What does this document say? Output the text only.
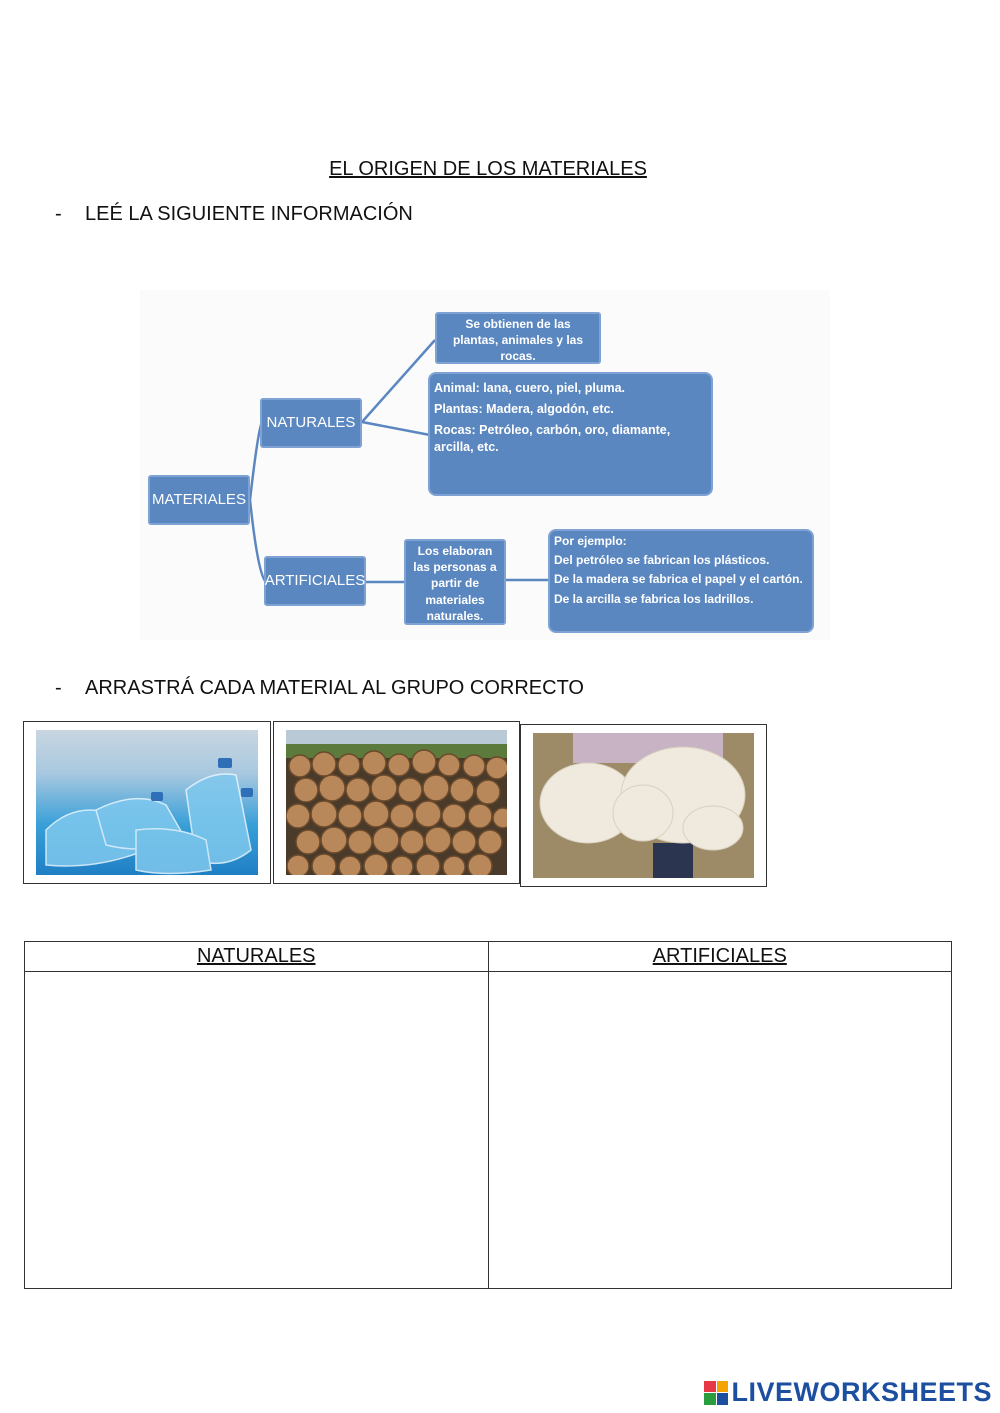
EL ORIGEN DE LOS MATERIALES
- LEÉ LA SIGUIENTE INFORMACIÓN
MATERIALES
NATURALES
ARTIFICIALES
Se obtienen de las plantas, animales y las rocas.
Animal: lana, cuero, piel, pluma.
Plantas: Madera, algodón, etc.
Rocas: Petróleo, carbón, oro, diamante, arcilla, etc.
Los elaboran las personas a partir de materiales naturales.
Por ejemplo:
Del petróleo se fabrican los plásticos.
De la madera se fabrica el papel y el cartón.
De la arcilla se fabrica los ladrillos.
- ARRASTRÁ CADA MATERIAL AL GRUPO CORRECTO
NATURALES	ARTIFICIALES

LIVEWORKSHEETS
